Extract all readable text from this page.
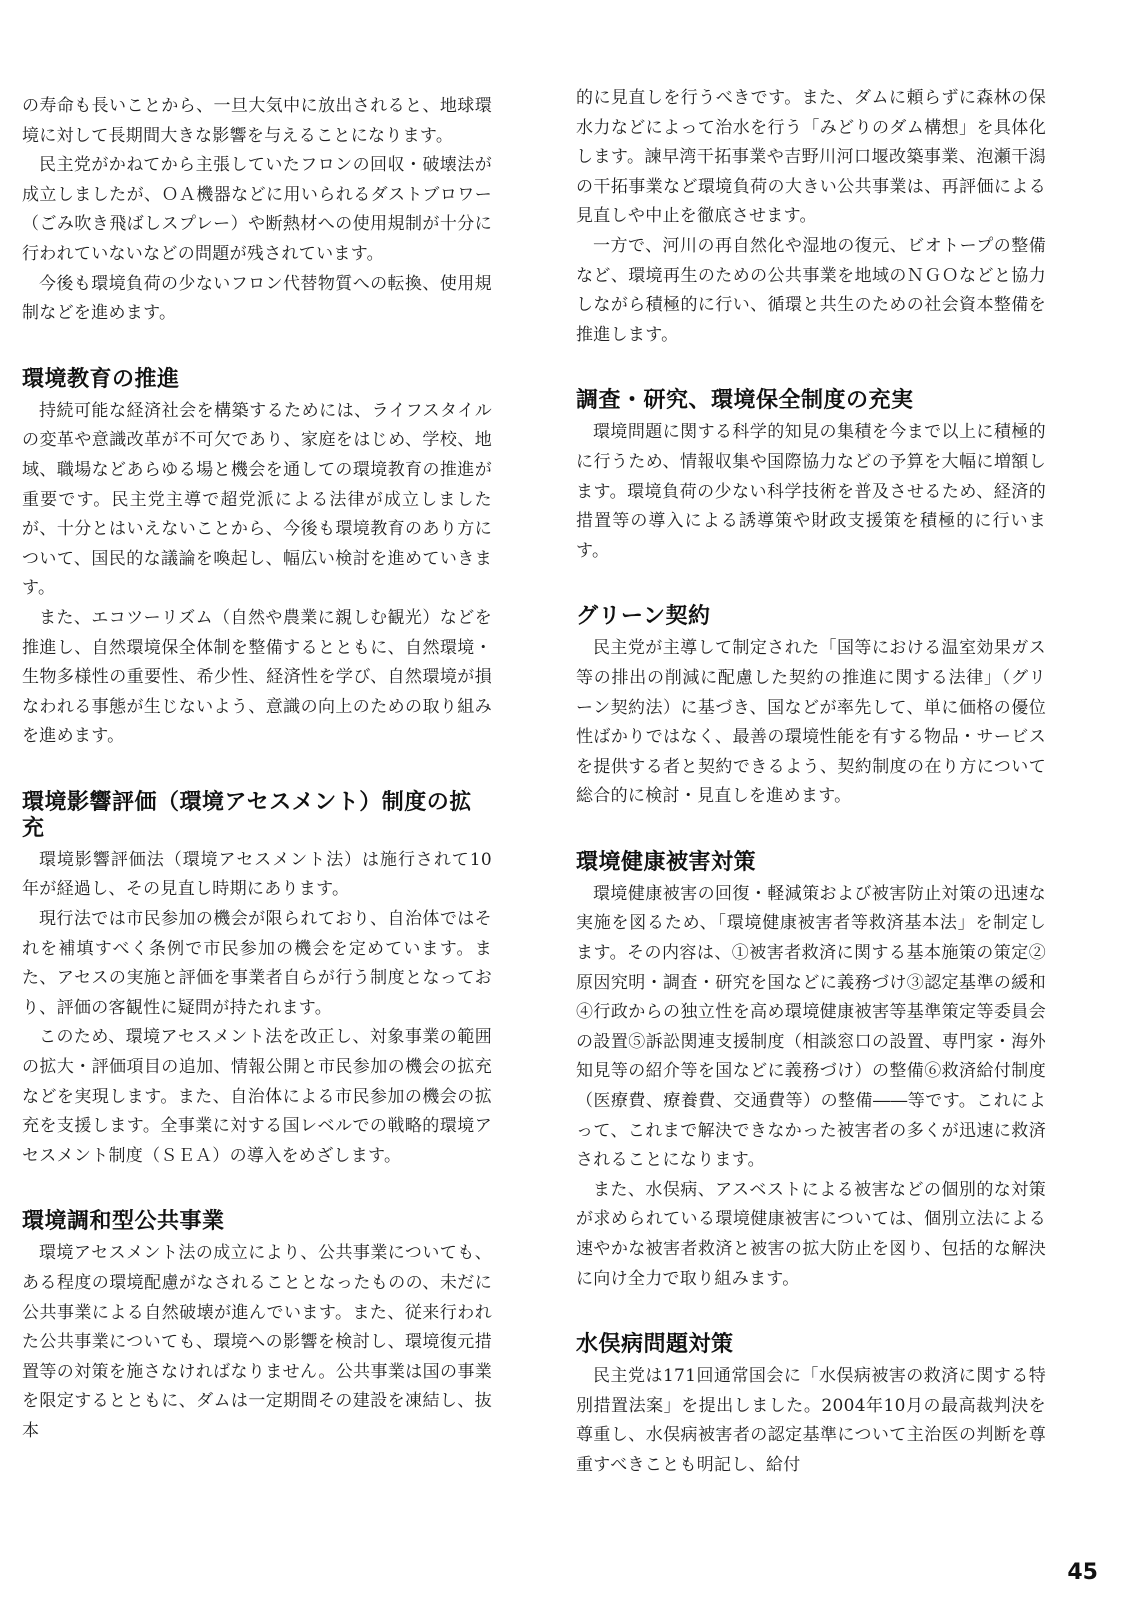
の寿命も長いことから、一旦大気中に放出されると、地球環境に対して長期間大きな影響を与えることになります。

民主党がかねてから主張していたフロンの回収・破壊法が成立しましたが、ＯＡ機器などに用いられるダストブロワー（ごみ吹き飛ばしスプレー）や断熱材への使用規制が十分に行われていないなどの問題が残されています。

今後も環境負荷の少ないフロン代替物質への転換、使用規制などを進めます。

環境教育の推進

持続可能な経済社会を構築するためには、ライフスタイルの変革や意識改革が不可欠であり、家庭をはじめ、学校、地域、職場などあらゆる場と機会を通しての環境教育の推進が重要です。民主党主導で超党派による法律が成立しましたが、十分とはいえないことから、今後も環境教育のあり方について、国民的な議論を喚起し、幅広い検討を進めていきます。

また、エコツーリズム（自然や農業に親しむ観光）などを推進し、自然環境保全体制を整備するとともに、自然環境・生物多様性の重要性、希少性、経済性を学び、自然環境が損なわれる事態が生じないよう、意識の向上のための取り組みを進めます。

環境影響評価（環境アセスメント）制度の拡充

環境影響評価法（環境アセスメント法）は施行されて10年が経過し、その見直し時期にあります。

現行法では市民参加の機会が限られており、自治体ではそれを補填すべく条例で市民参加の機会を定めています。また、アセスの実施と評価を事業者自らが行う制度となっており、評価の客観性に疑問が持たれます。

このため、環境アセスメント法を改正し、対象事業の範囲の拡大・評価項目の追加、情報公開と市民参加の機会の拡充などを実現します。また、自治体による市民参加の機会の拡充を支援します。全事業に対する国レベルでの戦略的環境アセスメント制度（ＳＥＡ）の導入をめざします。

環境調和型公共事業

環境アセスメント法の成立により、公共事業についても、ある程度の環境配慮がなされることとなったものの、未だに公共事業による自然破壊が進んでいます。また、従来行われた公共事業についても、環境への影響を検討し、環境復元措置等の対策を施さなければなりません。公共事業は国の事業を限定するとともに、ダムは一定期間その建設を凍結し、抜本

的に見直しを行うべきです。また、ダムに頼らずに森林の保水力などによって治水を行う「みどりのダム構想」を具体化します。諫早湾干拓事業や吉野川河口堰改築事業、泡瀬干潟の干拓事業など環境負荷の大きい公共事業は、再評価による見直しや中止を徹底させます。

一方で、河川の再自然化や湿地の復元、ビオトープの整備など、環境再生のための公共事業を地域のＮＧＯなどと協力しながら積極的に行い、循環と共生のための社会資本整備を推進します。

調査・研究、環境保全制度の充実

環境問題に関する科学的知見の集積を今まで以上に積極的に行うため、情報収集や国際協力などの予算を大幅に増額します。環境負荷の少ない科学技術を普及させるため、経済的措置等の導入による誘導策や財政支援策を積極的に行います。

グリーン契約

民主党が主導して制定された「国等における温室効果ガス等の排出の削減に配慮した契約の推進に関する法律」（グリーン契約法）に基づき、国などが率先して、単に価格の優位性ばかりではなく、最善の環境性能を有する物品・サービスを提供する者と契約できるよう、契約制度の在り方について総合的に検討・見直しを進めます。

環境健康被害対策

環境健康被害の回復・軽減策および被害防止対策の迅速な実施を図るため、「環境健康被害者等救済基本法」を制定します。その内容は、①被害者救済に関する基本施策の策定②原因究明・調査・研究を国などに義務づけ③認定基準の緩和④行政からの独立性を高め環境健康被害等基準策定等委員会の設置⑤訴訟関連支援制度（相談窓口の設置、専門家・海外知見等の紹介等を国などに義務づけ）の整備⑥救済給付制度（医療費、療養費、交通費等）の整備――等です。これによって、これまで解決できなかった被害者の多くが迅速に救済されることになります。

また、水俣病、アスベストによる被害などの個別的な対策が求められている環境健康被害については、個別立法による速やかな被害者救済と被害の拡大防止を図り、包括的な解決に向け全力で取り組みます。

水俣病問題対策

民主党は171回通常国会に「水俣病被害の救済に関する特別措置法案」を提出しました。2004年10月の最高裁判決を尊重し、水俣病被害者の認定基準について主治医の判断を尊重すべきことも明記し、給付

45
